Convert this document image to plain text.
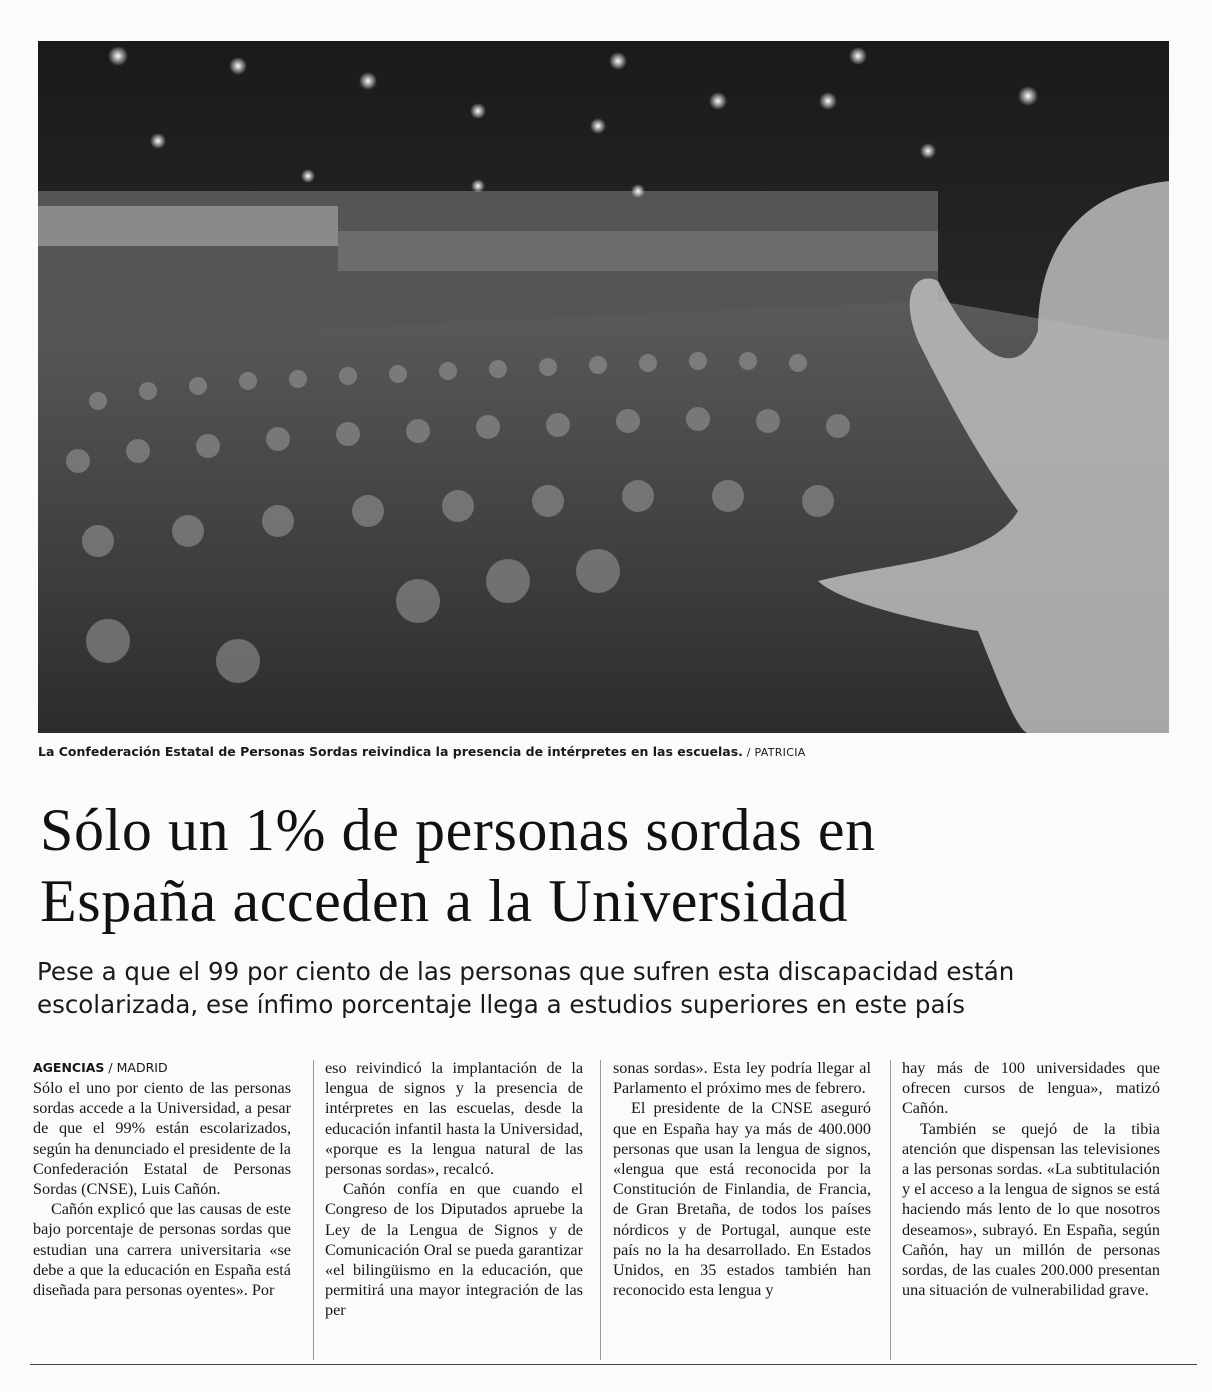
La Confederación Estatal de Personas Sordas reivindica la presencia de intérpretes en las escuelas. / PATRICIA
Sólo un 1% de personas sordas en
España acceden a la Universidad

Pese a que el 99 por ciento de las personas que sufren esta discapacidad están
escolarizada, ese ínfimo porcentaje llega a estudios superiores en este país

AGENCIAS / MADRID

Sólo el uno por ciento de las personas sordas accede a la Universidad, a pesar de que el 99% están escolarizados, según ha denunciado el presidente de la Confederación Estatal de Personas Sordas (CNSE), Luis Cañón.

Cañón explicó que las causas de este bajo porcentaje de personas sordas que estudian una carrera universitaria «se debe a que la educación en España está diseñada para personas oyentes». Por

eso reivindicó la implantación de la lengua de signos y la presencia de intérpretes en las escuelas, desde la educación infantil hasta la Universidad, «porque es la lengua natural de las personas sordas», recalcó.

Cañón confía en que cuando el Congreso de los Diputados apruebe la Ley de la Lengua de Signos y de Comunicación Oral se pueda garantizar «el bilingüismo en la educación, que permitirá una mayor integración de las per

sonas sordas». Esta ley podría llegar al Parlamento el próximo mes de febrero.

El presidente de la CNSE aseguró que en España hay ya más de 400.000 personas que usan la lengua de signos, «lengua que está reconocida por la Constitución de Finlandia, de Francia, de Gran Bretaña, de todos los países nórdicos y de Portugal, aunque este país no la ha desarrollado. En Estados Unidos, en 35 estados también han reconocido esta lengua y

hay más de 100 universidades que ofrecen cursos de lengua», matizó Cañón.

También se quejó de la tibia atención que dispensan las televisiones a las personas sordas. «La subtitulación y el acceso a la lengua de signos se está haciendo más lento de lo que nosotros deseamos», subrayó. En España, según Cañón, hay un millón de personas sordas, de las cuales 200.000 presentan una situación de vulnerabilidad grave.
